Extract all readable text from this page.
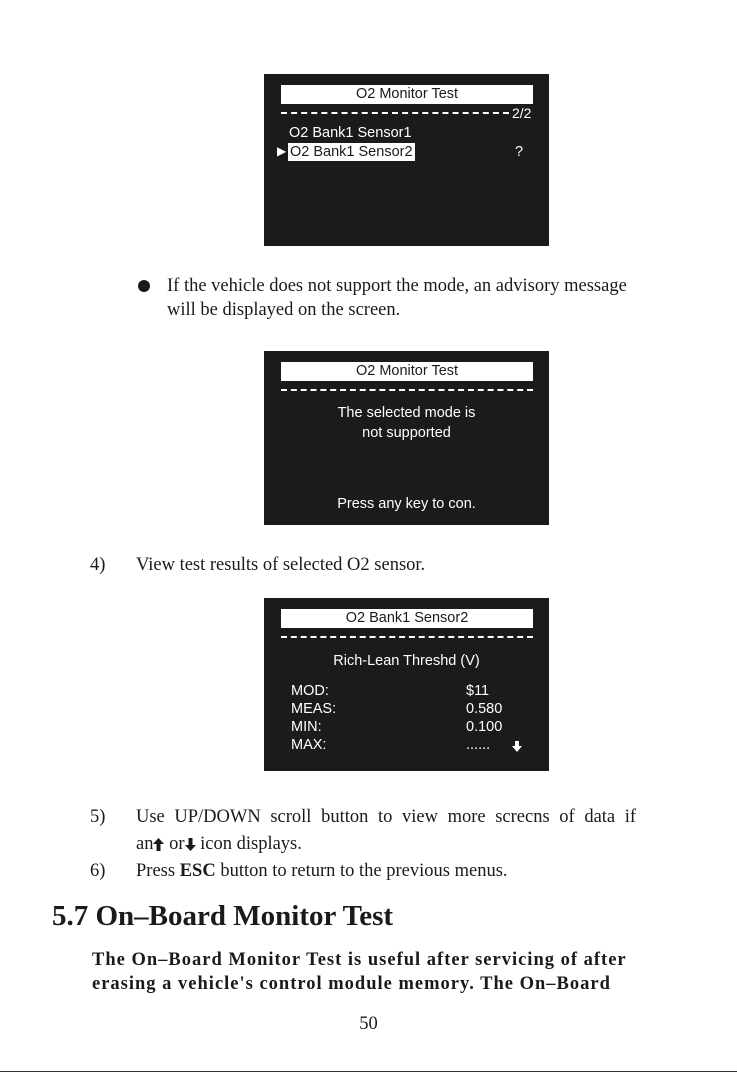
O2 Monitor Test
2/2
O2 Bank1 Sensor1
▶ O2 Bank1 Sensor2	?
If the vehicle does not support the mode, an advisory message
will be displayed on the screen.
O2 Monitor Test
The selected mode is
not supported
Press any key to con.
4) View test results of selected O2 sensor.
O2 Bank1 Sensor2
Rich-Lean Threshd (V)
MOD:	$11
MEAS:	0.580
MIN:	0.100
MAX:	......
5) Use UP/DOWN scroll button to view more screcns of data if
an or icon displays.
6) Press ESC button to return to the previous menus.
5.7 On–Board Monitor Test
The On–Board Monitor Test is useful after servicing of after
erasing a vehicle's control module memory. The On–Board
50
